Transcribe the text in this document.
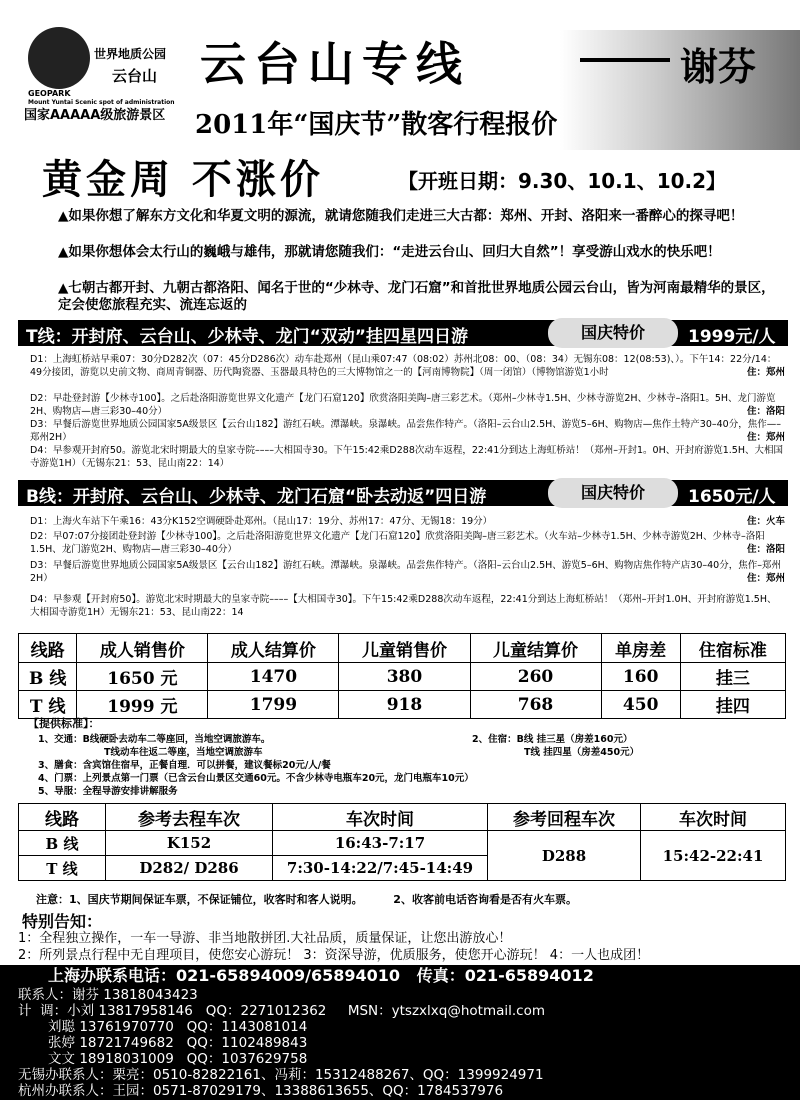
世界地质公园
云台山
GEOPARK
Mount Yuntai Scenic spot of administration
国家AAAAA级旅游景区
云台山专线	谢芬
2011年“国庆节”散客行程报价
黄金周 不涨价	【开班日期：9.30、10.1、10.2】
▲如果你想了解东方文化和华夏文明的源流，就请您随我们走进三大古都：郑州、开封、洛阳来一番醉心的探寻吧！
▲如果你想体会太行山的巍峨与雄伟，那就请您随我们：“走进云台山、回归大自然”！享受游山戏水的快乐吧！
▲七朝古都开封、九朝古都洛阳、闻名于世的“少林寺、龙门石窟”和首批世界地质公园云台山，皆为河南最精华的景区，定会使您旅程充实、流连忘返的
T线：开封府、云台山、少林寺、龙门“双动”挂四星四日游	国庆特价	1999元/人
D1：上海虹桥站早乘07：30分D282次（07：45分D286次）动车赴郑州（昆山乘07:47（08:02）苏州北08：00、（08：34）无锡东08：12(08:53)、）。下午14：22分/14：49分接团，游览以史前文物、商周青铜器、历代陶瓷器、玉器最具特色的三大博物馆之一的【河南博物院】（周一闭馆）（博物馆游览1小时	住：郑州
D2：早赴登封游【少林寺100】。之后赴洛阳游览世界文化遗产【龙门石窟120】欣赏洛阳美陶–唐三彩艺术。（郑州–少林寺1.5H、少林寺游览2H、少林寺–洛阳1。5H、龙门游览2H、购物店—唐三彩30–40分）	住：洛阳
D3：早餐后游览世界地质公园国家5A级景区【云台山182】游红石峡。潭瀑峡。泉瀑峡。品尝焦作特产。（洛阳–云台山2.5H、游览5–6H、购物店—焦作土特产30–40分，焦作—–郑州2H）	住：郑州
D4：早参观开封府50。游览北宋时期最大的皇家寺院––––大相国寺30。下午15:42乘D288次动车返程，22:41分到达上海虹桥站！（郑州–开封1。0H、开封府游览1.5H、大相国寺游览1H）（无锡东21：53、昆山南22：14）
B线：开封府、云台山、少林寺、龙门石窟“卧去动返”四日游	国庆特价	1650元/人
D1：上海火车站下午乘16：43分K152空调硬卧赴郑州。（昆山17：19分、苏州17：47分、无锡18：19分）	住：火车
D2：早07:07分接团赴登封游【少林寺100】。之后赴洛阳游览世界文化遗产【龙门石窟120】欣赏洛阳美陶–唐三彩艺术。（火车站–少林寺1.5H、少林寺游览2H、少林寺–洛阳1.5H、龙门游览2H、购物店—唐三彩30–40分）	住：洛阳
D3：早餐后游览世界地质公园国家5A级景区【云台山182】游红石峡。潭瀑峡。泉瀑峡。品尝焦作特产。（洛阳–云台山2.5H、游览5–6H、购物店焦作特产店30–40分，焦作–郑州2H）	住：郑州
D4：早参观【开封府50】。游览北宋时期最大的皇家寺院––––【大相国寺30】。下午15:42乘D288次动车返程，22:41分到达上海虹桥站！（郑州–开封1.0H、开封府游览1.5H、大相国寺游览1H）无锡东21：53、昆山南22：14
线路	成人销售价	成人结算价	儿童销售价	儿童结算价	单房差	住宿标准
B 线	1650 元	1470	380	260	160	挂三
T 线	1999 元	1799	918	768	450	挂四
【提供标准】：
1、交通：B线硬卧去动车二等座回，当地空调旅游车。
T线动车往返二等座，当地空调旅游车
2、住宿：B线 挂三星（房差160元）
T线 挂四星（房差450元）
3、膳食：含宾馆住宿早，正餐自理．可以拼餐，建议餐标20元/人/餐
4、门票：上列景点第一门票（已含云台山景区交通60元。不含少林寺电瓶车20元，龙门电瓶车10元）
5、导服：全程导游安排讲解服务
线路	参考去程车次	车次时间	参考回程车次	车次时间
B 线	K152	16:43-7:17	D288	15:42-22:41
T 线	D282/ D286	7:30-14:22/7:45-14:49		
注意：1、国庆节期间保证车票，不保证铺位，收客时和客人说明。        2、收客前电话咨询看是否有火车票。
特别告知：
1：全程独立操作，一车一导游、非当地散拼团.大社品质，质量保证，让您出游放心！
2：所列景点行程中无自理项目，使您安心游玩！ 3：资深导游，优质服务，使您开心游玩！ 4：一人也成团！
上海办联系电话：021-65894009/65894010   传真：021-65894012
联系人：谢芬 13818043423
计  调：小刘 13817958146   QQ：2271012362     MSN：ytszxlxq@hotmail.com
刘聪 13761970770   QQ：1143081014
张婷 18721749682   QQ：1102489843
文文 18918031009   QQ：1037629758
无锡办联系人：栗亮：0510-82822161、冯莉：15312488267、QQ：1399924971
杭州办联系人：王园：0571-87029179、13388613655、QQ：1784537976
